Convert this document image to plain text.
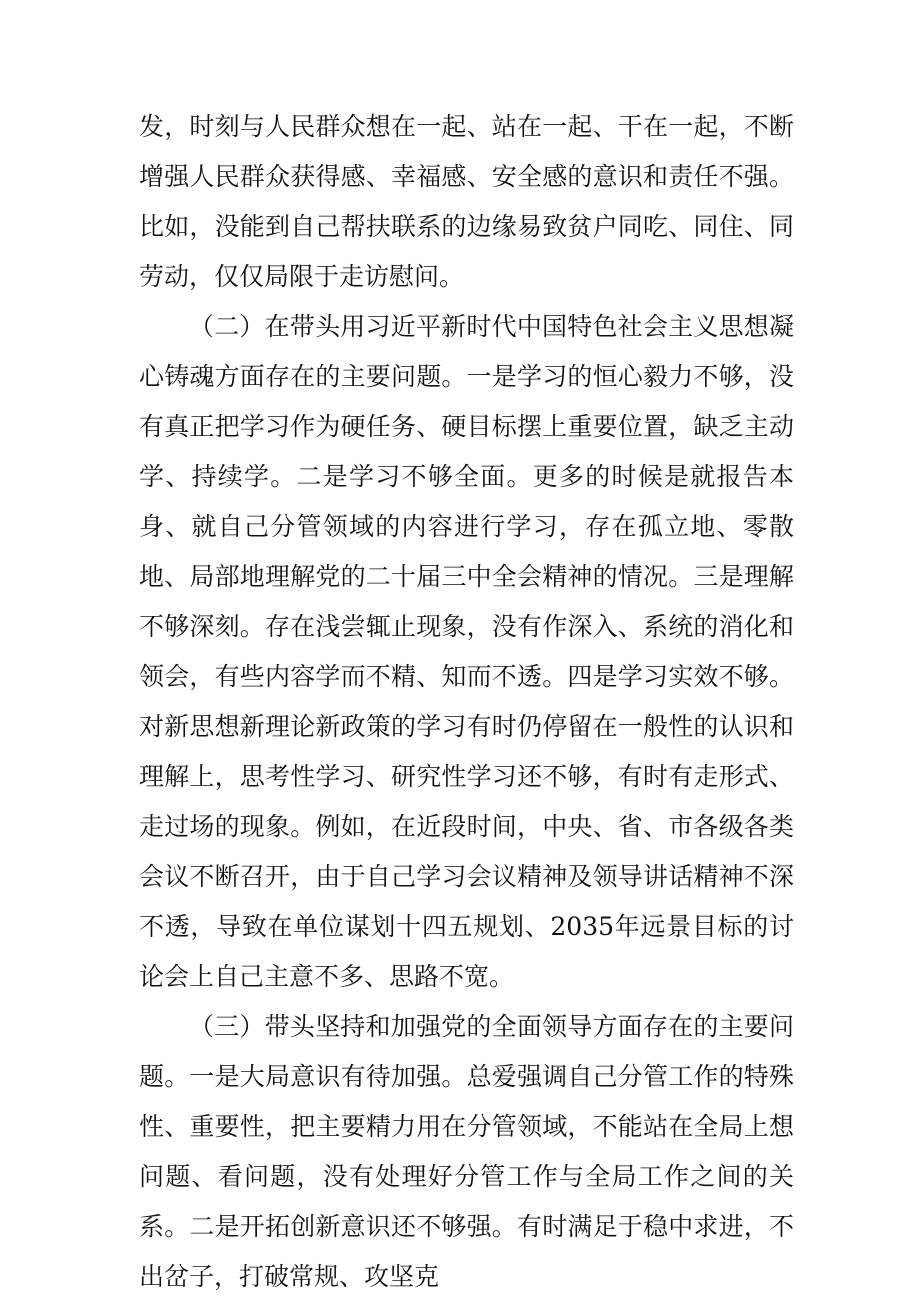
发，时刻与人民群众想在一起、站在一起、干在一起，不断增强人民群众获得感、幸福感、安全感的意识和责任不强。比如，没能到自己帮扶联系的边缘易致贫户同吃、同住、同劳动，仅仅局限于走访慰问。

（二）在带头用习近平新时代中国特色社会主义思想凝心铸魂方面存在的主要问题。一是学习的恒心毅力不够，没有真正把学习作为硬任务、硬目标摆上重要位置，缺乏主动学、持续学。二是学习不够全面。更多的时候是就报告本身、就自己分管领域的内容进行学习，存在孤立地、零散地、局部地理解党的二十届三中全会精神的情况。三是理解不够深刻。存在浅尝辄止现象，没有作深入、系统的消化和领会，有些内容学而不精、知而不透。四是学习实效不够。对新思想新理论新政策的学习有时仍停留在一般性的认识和理解上，思考性学习、研究性学习还不够，有时有走形式、走过场的现象。例如，在近段时间，中央、省、市各级各类会议不断召开，由于自己学习会议精神及领导讲话精神不深不透，导致在单位谋划十四五规划、2035年远景目标的讨论会上自己主意不多、思路不宽。

（三）带头坚持和加强党的全面领导方面存在的主要问题。一是大局意识有待加强。总爱强调自己分管工作的特殊性、重要性，把主要精力用在分管领域，不能站在全局上想问题、看问题，没有处理好分管工作与全局工作之间的关系。二是开拓创新意识还不够强。有时满足于稳中求进，不出岔子，打破常规、攻坚克
